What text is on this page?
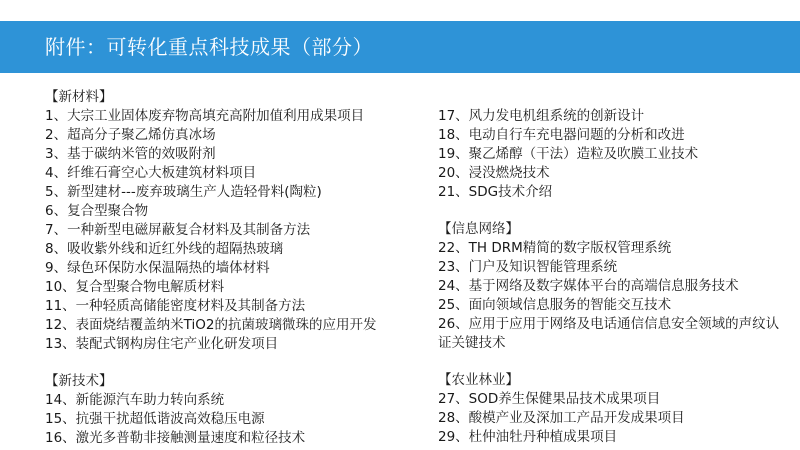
附件：可转化重点科技成果（部分）
【新材料】
1、大宗工业固体废弃物高填充高附加值利用成果项目
2、超高分子聚乙烯仿真冰场
3、基于碳纳米管的效吸附剂
4、纤维石膏空心大板建筑材料项目
5、新型建材---废弃玻璃生产人造轻骨料(陶粒)
6、复合型聚合物
7、一种新型电磁屏蔽复合材料及其制备方法
8、吸收紫外线和近红外线的超隔热玻璃
9、绿色环保防水保温隔热的墙体材料
10、复合型聚合物电解质材料
11、一种轻质高储能密度材料及其制备方法
12、表面烧结覆盖纳米TiO2的抗菌玻璃微珠的应用开发
13、装配式钢构房住宅产业化研发项目
【新技术】
14、新能源汽车助力转向系统
15、抗强干扰超低谐波高效稳压电源
16、激光多普勒非接触测量速度和粒径技术
17、风力发电机组系统的创新设计
18、电动自行车充电器问题的分析和改进
19、聚乙烯醇（干法）造粒及吹膜工业技术
20、浸没燃烧技术
21、SDG技术介绍
【信息网络】
22、TH DRM精简的数字版权管理系统
23、门户及知识智能管理系统
24、基于网络及数字媒体平台的高端信息服务技术
25、面向领域信息服务的智能交互技术
26、应用于应用于网络及电话通信信息安全领域的声纹认证关键技术
【农业林业】
27、SOD养生保健果品技术成果项目
28、酸模产业及深加工产品开发成果项目
29、杜仲油牡丹种植成果项目
